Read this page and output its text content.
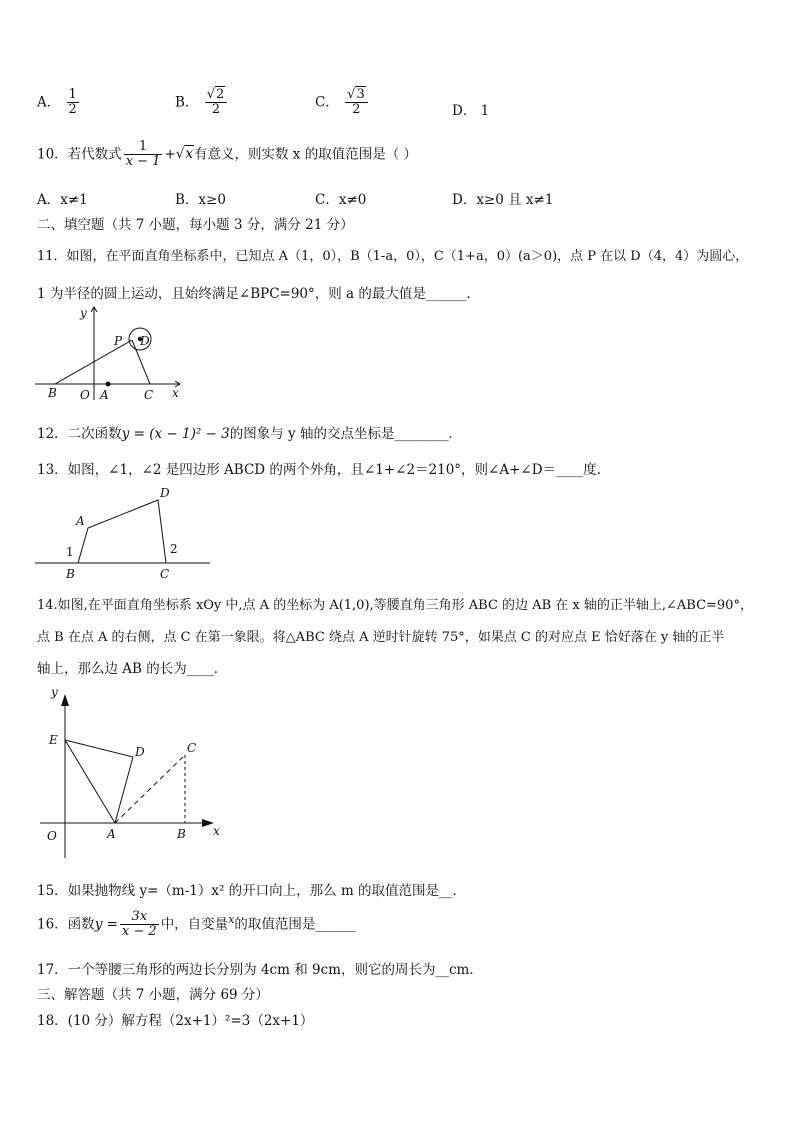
A． $\frac{1}{2}$	B． $\frac{√2}{2}$	C． $\frac{√3}{2}$	D． 1
10．若代数式 $\frac{1}{x - 1} +√x$有意义，则实数 x 的取值范围是（ ）
A．x≠1	B．x≥0	C．x≠0	D．x≥0 且 x≠1
二、填空题（共 7 小题，每小题 3 分，满分 21 分）
11．如图，在平面直角坐标系中，已知点 A（1，0），B（1-a，0），C（1+a，0）(a＞0)，点 P 在以 D（4，4）为圆心，
1 为半径的圆上运动，且始终满足∠BPC=90°，则 a 的最大值是______．
y
P D
B O A	C x
12．二次函数y = (x − 1)² − 3的图象与 y 轴的交点坐标是________．
13．如图，∠1，∠2 是四边形 ABCD 的两个外角，且∠1+∠2＝210°，则∠A+∠D＝____度.
D
A
1	2
B	C
14.如图,在平面直角坐标系 xOy 中,点 A 的坐标为 A(1,0),等腰直角三角形 ABC 的边 AB 在 x 轴的正半轴上,∠ABC=90°，
点 B 在点 A 的右侧，点 C 在第一象限。将△ABC 绕点 A 逆时针旋转 75°，如果点 C 的对应点 E 恰好落在 y 轴的正半
轴上，那么边 AB 的长为____．
y
E
D	C
O	A	B x
15．如果抛物线 y=（m-1）x² 的开口向上，那么 m 的取值范围是__．
16．函数$y = \frac{3x}{x - 2}$ 中，自变量$^x$的取值范围是______
17．一个等腰三角形的两边长分别为 4cm 和 9cm，则它的周长为__cm．
三、解答题（共 7 小题，满分 69 分）
18．(10 分）解方程（2x+1）²=3（2x+1）
